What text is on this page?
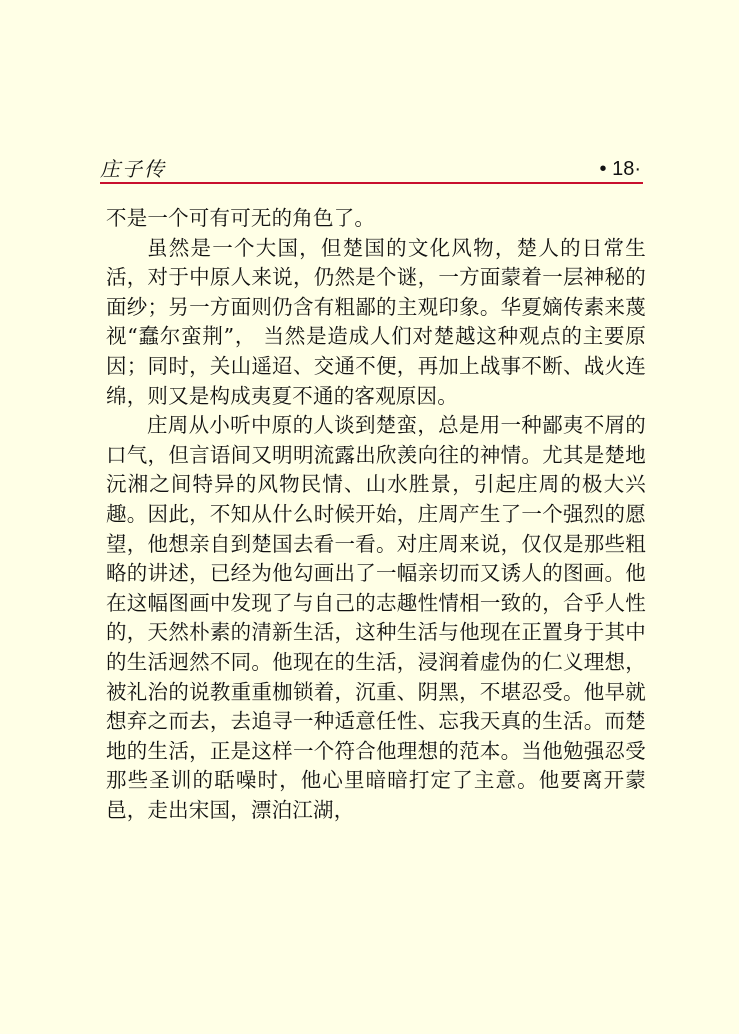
庄子传	• 18·

不是一个可有可无的角色了。

虽然是一个大国，但楚国的文化风物，楚人的日常生活，对于中原人来说，仍然是个谜，一方面蒙着一层神秘的面纱；另一方面则仍含有粗鄙的主观印象。华夏嫡传素来蔑视“蠢尔蛮荆”， 当然是造成人们对楚越这种观点的主要原因；同时，关山遥迢、交通不便，再加上战事不断、战火连绵，则又是构成夷夏不通的客观原因。

庄周从小听中原的人谈到楚蛮，总是用一种鄙夷不屑的口气，但言语间又明明流露出欣羡向往的神情。尤其是楚地沅湘之间特异的风物民情、山水胜景，引起庄周的极大兴趣。因此，不知从什么时候开始，庄周产生了一个强烈的愿望，他想亲自到楚国去看一看。对庄周来说，仅仅是那些粗略的讲述，已经为他勾画出了一幅亲切而又诱人的图画。他在这幅图画中发现了与自己的志趣性情相一致的，合乎人性的，天然朴素的清新生活，这种生活与他现在正置身于其中的生活迥然不同。他现在的生活，浸润着虚伪的仁义理想，被礼治的说教重重枷锁着，沉重、阴黑，不堪忍受。他早就想弃之而去，去追寻一种适意任性、忘我天真的生活。而楚地的生活，正是这样一个符合他理想的范本。当他勉强忍受那些圣训的聒噪时，他心里暗暗打定了主意。他要离开蒙邑，走出宋国，漂泊江湖，
